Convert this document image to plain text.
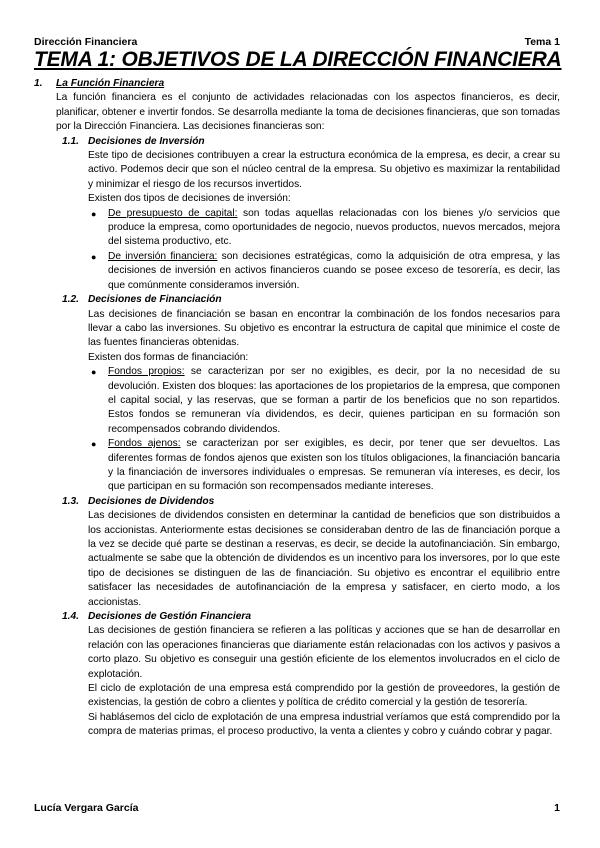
Dirección Financiera	Tema 1
TEMA 1: OBJETIVOS DE LA DIRECCIÓN FINANCIERA
1.	La Función Financiera

La función financiera es el conjunto de actividades relacionadas con los aspectos financieros, es decir, planificar, obtener e invertir fondos. Se desarrolla mediante la toma de decisiones financieras, que son tomadas por la Dirección Financiera. Las decisiones financieras son:

1.1. Decisiones de Inversión

Este tipo de decisiones contribuyen a crear la estructura económica de la empresa, es decir, a crear su activo. Podemos decir que son el núcleo central de la empresa. Su objetivo es maximizar la rentabilidad y minimizar el riesgo de los recursos invertidos.

Existen dos tipos de decisiones de inversión:

● De presupuesto de capital: son todas aquellas relacionadas con los bienes y/o servicios que produce la empresa, como oportunidades de negocio, nuevos productos, nuevos mercados, mejora del sistema productivo, etc.
● De inversión financiera: son decisiones estratégicas, como la adquisición de otra empresa, y las decisiones de inversión en activos financieros cuando se posee exceso de tesorería, es decir, las que comúnmente consideramos inversión.
1.2. Decisiones de Financiación

Las decisiones de financiación se basan en encontrar la combinación de los fondos necesarios para llevar a cabo las inversiones. Su objetivo es encontrar la estructura de capital que minimice el coste de las fuentes financieras obtenidas.

Existen dos formas de financiación:

● Fondos propios: se caracterizan por ser no exigibles, es decir, por la no necesidad de su devolución. Existen dos bloques: las aportaciones de los propietarios de la empresa, que componen el capital social, y las reservas, que se forman a partir de los beneficios que no son repartidos. Estos fondos se remuneran vía dividendos, es decir, quienes participan en su formación son recompensados cobrando dividendos.
● Fondos ajenos: se caracterizan por ser exigibles, es decir, por tener que ser devueltos. Las diferentes formas de fondos ajenos que existen son los títulos obligaciones, la financiación bancaria y la financiación de inversores individuales o empresas. Se remuneran vía intereses, es decir, los que participan en su formación son recompensados mediante intereses.
1.3. Decisiones de Dividendos

Las decisiones de dividendos consisten en determinar la cantidad de beneficios que son distribuidos a los accionistas. Anteriormente estas decisiones se consideraban dentro de las de financiación porque a la vez se decide qué parte se destinan a reservas, es decir, se decide la autofinanciación. Sin embargo, actualmente se sabe que la obtención de dividendos es un incentivo para los inversores, por lo que este tipo de decisiones se distinguen de las de financiación. Su objetivo es encontrar el equilibrio entre satisfacer las necesidades de autofinanciación de la empresa y satisfacer, en cierto modo, a los accionistas.

1.4. Decisiones de Gestión Financiera

Las decisiones de gestión financiera se refieren a las políticas y acciones que se han de desarrollar en relación con las operaciones financieras que diariamente están relacionadas con los activos y pasivos a corto plazo. Su objetivo es conseguir una gestión eficiente de los elementos involucrados en el ciclo de explotación.

El ciclo de explotación de una empresa está comprendido por la gestión de proveedores, la gestión de existencias, la gestión de cobro a clientes y política de crédito comercial y la gestión de tesorería.

Si hablásemos del ciclo de explotación de una empresa industrial veríamos que está comprendido por la compra de materias primas, el proceso productivo, la venta a clientes y cobro y cuándo cobrar y pagar.

Lucía Vergara García	1
